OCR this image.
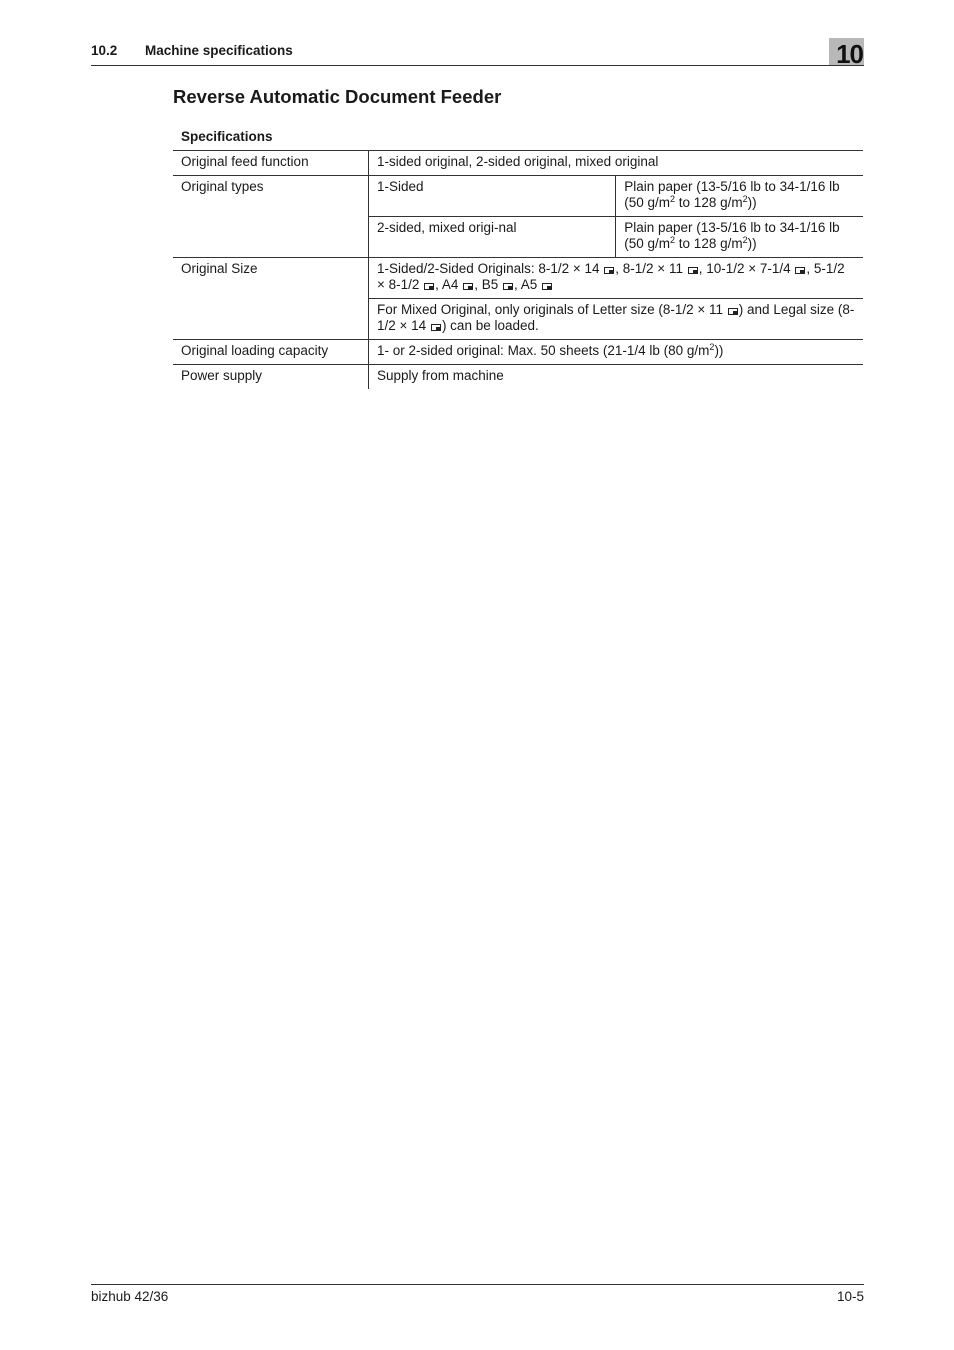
10.2 Machine specifications	10
Reverse Automatic Document Feeder
Specifications
Original feed function	1-sided original, 2-sided original, mixed original	
Original types	1-Sided	Plain paper (13-5/16 lb to 34-1/16 lb (50 $g/m^2$ to 128 $g/m^2$))
	2-sided, mixed origi-nal	Plain paper (13-5/16 lb to 34-1/16 lb (50 $g/m^2$ to 128 $g/m^2$))
Original Size	1-Sided/2-Sided Originals: 8-1/2 × 14 , 8-1/2 × 11 , 10-1/2 × 7-1/4 , 5-1/2 × 8-1/2 , A4 , B5 , A5	
	For Mixed Original, only originals of Letter size (8-1/2 × 11 ) and Legal size (8-1/2 × 14 ) can be loaded.	
Original loading capacity	1- or 2-sided original: Max. 50 sheets (21-1/4 lb (80 $g/m^2$))	
Power supply	Supply from machine	
bizhub 42/36	10-5
